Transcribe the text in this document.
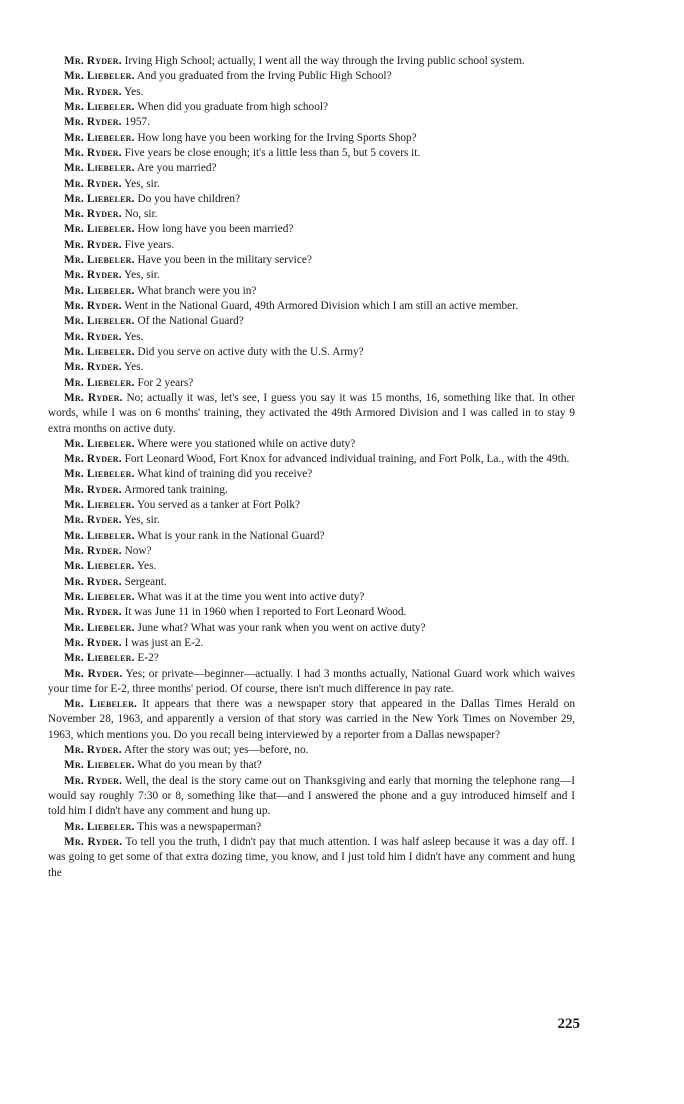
Mr. Ryder. Irving High School; actually, I went all the way through the Irving public school system.

Mr. Liebeler. And you graduated from the Irving Public High School?

Mr. Ryder. Yes.

Mr. Liebeler. When did you graduate from high school?

Mr. Ryder. 1957.

Mr. Liebeler. How long have you been working for the Irving Sports Shop?

Mr. Ryder. Five years be close enough; it's a little less than 5, but 5 covers it.

Mr. Liebeler. Are you married?

Mr. Ryder. Yes, sir.

Mr. Liebeler. Do you have children?

Mr. Ryder. No, sir.

Mr. Liebeler. How long have you been married?

Mr. Ryder. Five years.

Mr. Liebeler. Have you been in the military service?

Mr. Ryder. Yes, sir.

Mr. Liebeler. What branch were you in?

Mr. Ryder. Went in the National Guard, 49th Armored Division which I am still an active member.

Mr. Liebeler. Of the National Guard?

Mr. Ryder. Yes.

Mr. Liebeler. Did you serve on active duty with the U.S. Army?

Mr. Ryder. Yes.

Mr. Liebeler. For 2 years?

Mr. Ryder. No; actually it was, let's see, I guess you say it was 15 months, 16, something like that. In other words, while I was on 6 months' training, they activated the 49th Armored Division and I was called in to stay 9 extra months on active duty.

Mr. Liebeler. Where were you stationed while on active duty?

Mr. Ryder. Fort Leonard Wood, Fort Knox for advanced individual training, and Fort Polk, La., with the 49th.

Mr. Liebeler. What kind of training did you receive?

Mr. Ryder. Armored tank training.

Mr. Liebeler. You served as a tanker at Fort Polk?

Mr. Ryder. Yes, sir.

Mr. Liebeler. What is your rank in the National Guard?

Mr. Ryder. Now?

Mr. Liebeler. Yes.

Mr. Ryder. Sergeant.

Mr. Liebeler. What was it at the time you went into active duty?

Mr. Ryder. It was June 11 in 1960 when I reported to Fort Leonard Wood.

Mr. Liebeler. June what? What was your rank when you went on active duty?

Mr. Ryder. I was just an E-2.

Mr. Liebeler. E-2?

Mr. Ryder. Yes; or private—beginner—actually. I had 3 months actually, National Guard work which waives your time for E-2, three months' period. Of course, there isn't much difference in pay rate.

Mr. Liebeler. It appears that there was a newspaper story that appeared in the Dallas Times Herald on November 28, 1963, and apparently a version of that story was carried in the New York Times on November 29, 1963, which mentions you. Do you recall being interviewed by a reporter from a Dallas newspaper?

Mr. Ryder. After the story was out; yes—before, no.

Mr. Liebeler. What do you mean by that?

Mr. Ryder. Well, the deal is the story came out on Thanksgiving and early that morning the telephone rang—I would say roughly 7:30 or 8, something like that—and I answered the phone and a guy introduced himself and I told him I didn't have any comment and hung up.

Mr. Liebeler. This was a newspaperman?

Mr. Ryder. To tell you the truth, I didn't pay that much attention. I was half asleep because it was a day off. I was going to get some of that extra dozing time, you know, and I just told him I didn't have any comment and hung the

225
